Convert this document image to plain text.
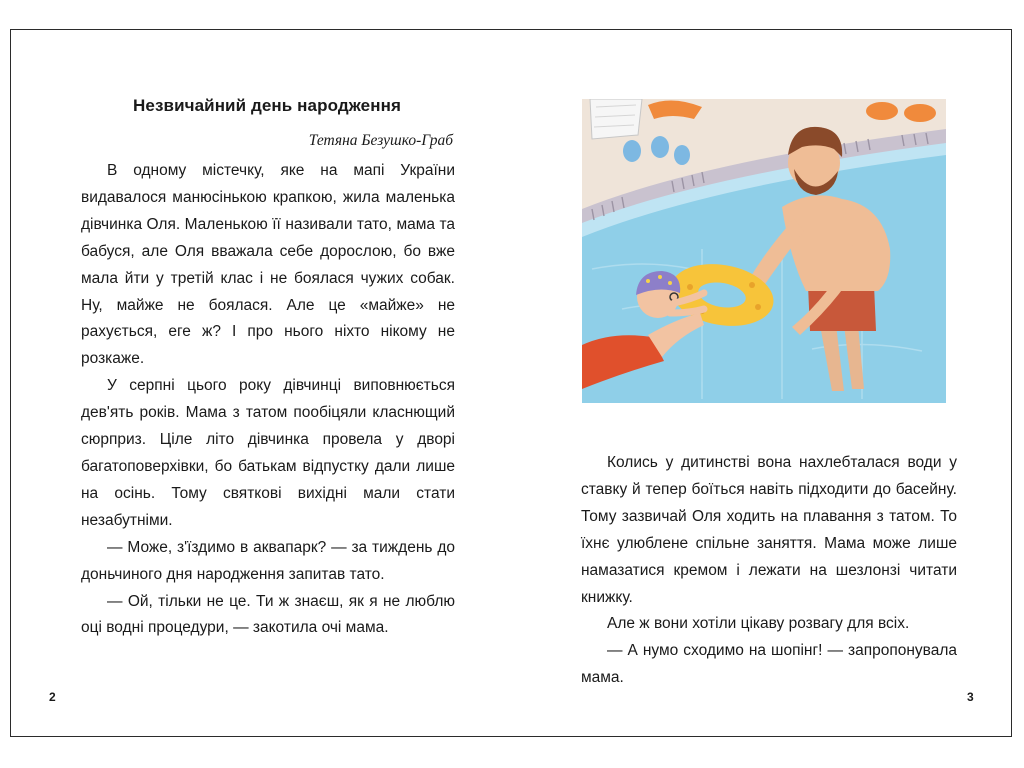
Незвичайний день народження
Тетяна Безушко-Граб

В одному містечку, яке на мапі України видавалося манюсінькою крапкою, жила маленька дівчинка Оля. Маленькою її називали тато, мама та бабуся, але Оля вважала себе дорослою, бо вже мала йти у третій клас і не боялася чужих собак. Ну, майже не боялася. Але це «майже» не рахується, еге ж? І про нього ніхто нікому не розкаже.

У серпні цього року дівчинці виповнюється дев'ять років. Мама з татом пообіцяли класнющий сюрприз. Ціле літо дівчинка провела у дворі багатоповерхівки, бо батькам відпустку дали лише на осінь. Тому святкові вихідні мали стати незабутніми.

— Може, з'їздимо в аквапарк? — за тиждень до доньчиного дня народження запитав тато.

— Ой, тільки не це. Ти ж знаєш, як я не люблю оці водні процедури, — закотила очі мама.

2

Колись у дитинстві вона нахлебталася води у ставку й тепер боїться навіть підходити до басейну. Тому зазвичай Оля ходить на плавання з татом. То їхнє улюблене спільне заняття. Мама може лише намазатися кремом і лежати на шезлонзі читати книжку.

Але ж вони хотіли цікаву розвагу для всіх.

— А нумо сходимо на шопінг! — запропонувала мама.

3
